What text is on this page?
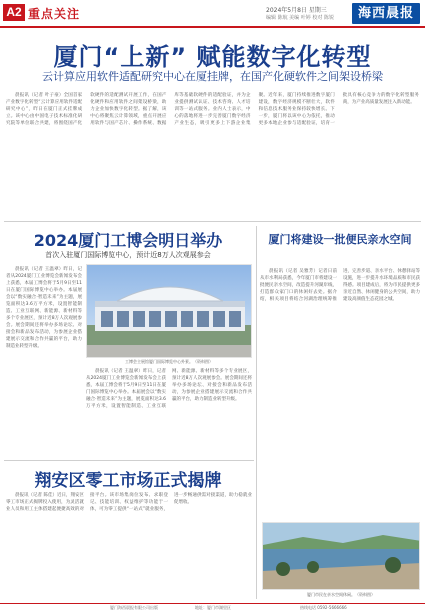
A2 重点关注	2024年5月8日 星期三
编辑 陈航 美编 叶婷 校对 陈锐	海西晨报
厦门“上新” 赋能数字化转型
云计算应用软件适配研究中心在厦挂牌，在国产化硬软件之间架设桥梁

晨报讯（记者 叶子豪）全国首家产业数字化转型“云计算应用软件适配研究中心”，昨日在厦门正式挂牌成立。该中心由中国电子技术标准化研究院等单位联合共建，将围绕国产化软硬件的适配测试开展工作，在国产化硬件和应用软件之间架设桥梁，助力企业加快数字化转型。据了解，该中心将聚焦云计算领域，重点开展应用软件与国产芯片、操作系统、数据库等基础软硬件的适配验证，并为企业提供测试认证、技术咨询、人才培训等一站式服务。业内人士表示，中心的落地将进一步完善厦门数字经济产业生态，吸引更多上下游企业集聚。近年来，厦门持续推进数字厦门建设，数字经济规模不断壮大，软件和信息技术服务业保持较快增长。下一步，厦门将以该中心为依托，推动更多本地企业参与适配验证，培育一批具有核心竞争力的数字化转型服务商，为产业高质量发展注入新动能。

2024厦门工博会明日举办
首次入驻厦门国际博览中心，预计近8万人次观展参会

晨报讯（记者 王温翠）昨日，记者从2024厦门工业博览会新闻发布会上获悉，本届工博会将于5月9日至11日在厦门国际博览中心举办。本届展会以“数实融合·智造未来”为主题，展览面积达3.6万平方米，设置智能制造、工业互联网、新能源、新材料等多个专业展区，预计近8万人次观展参会。展会期间还将举办多场论坛、对接会和新品发布活动，为参展企业搭建展示交流和合作共赢的平台，助力制造业转型升级。

工博会主展馆厦门国际博览中心外景。（资料图）

晨报讯（记者 王温翠）昨日，记者从2024厦门工业博览会新闻发布会上获悉，本届工博会将于5月9日至11日在厦门国际博览中心举办。本届展会以“数实融合·智造未来”为主题，展览面积达3.6万平方米，设置智能制造、工业互联网、新能源、新材料等多个专业展区，预计近8万人次观展参会。展会期间还将举办多场论坛、对接会和新品发布活动，为参展企业搭建展示交流和合作共赢的平台，助力制造业转型升级。

厦门将建设一批便民亲水空间

晨报讯（记者 吴雅芳）记者日前从市水利局获悉，今年厦门市将建设一批便民亲水空间，改造提升河湖岸线，打造群众家门口的休闲好去处。据介绍，相关项目将结合河湖治理统筹推进，完善步道、亲水平台、休憩驿站等设施，进一步提升水环境品质和市民获得感。项目建成后，将为市民提供更多亲近自然、休闲健身的公共空间，助力建设高颜值生态花园之城。

厦门市民在亲水空间休闲。（资料图）
翔安区零工市场正式揭牌

晨报讯（记者 陈佳）近日，翔安区零工市场正式揭牌投入使用，为灵活就业人员和用工主体搭建起便捷高效的对接平台。该市场集岗位发布、求职登记、技能培训、权益维护等功能于一体，可为零工提供“一站式”就业服务，进一步畅通供需对接渠道，助力稳就业促增收。

厦门海西晨报有限公司出版	地址：厦门市湖里区	热线电话 0592-5666666
